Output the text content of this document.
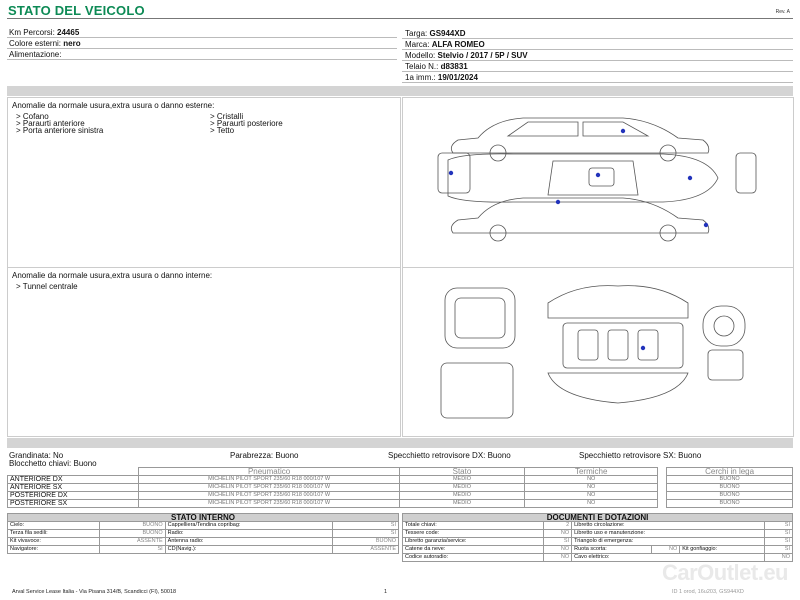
STATO DEL VEICOLO	Rev. A
Km Percorsi: 24465
Colore esterni: nero
Alimentazione:
Targa: GS944XD
Marca: ALFA ROMEO
Modello: Stelvio / 2017 / 5P / SUV
Telaio N.: d83831
1a imm.: 19/01/2024
Anomalie da normale usura,extra usura o danno esterne:
> Cofano
> Paraurti anteriore
> Porta anteriore sinistra
> Cristalli
> Paraurti posteriore
> Tetto
Anomalie da normale usura,extra usura o danno interne:
> Tunnel centrale
Grandinata: No	Parabrezza: Buono	Specchietto retrovisore DX: Buono	Specchietto retrovisore SX: Buono
Blocchetto chiavi: Buono
	Pneumatico	Stato	Termiche		Cerchi in lega
ANTERIORE DX	MICHELIN PILOT SPORT 235/60 R18 000/107 W	MEDIO	NO		BUONO
ANTERIORE SX	MICHELIN PILOT SPORT 235/60 R18 000/107 W	MEDIO	NO		BUONO
POSTERIORE DX	MICHELIN PILOT SPORT 235/60 R18 000/107 W	MEDIO	NO		BUONO
POSTERIORE SX	MICHELIN PILOT SPORT 235/60 R18 000/107 W	MEDIO	NO		BUONO
STATO INTERNO			
Cielo:	BUONO	Cappelliera/Tendina copribag:	SI
Terza fila sedili:	BUONO	Radio:	SI
Kit vivavoce:	ASSENTE	Antenna radio:	BUONO
Navigatore:	SI	CD(Navig.):	ASSENTE
DOCUMENTI E DOTAZIONI					
Totale chiavi:	2	Libretto circolazione:			SI
Tessere code:	NO	Libretto uso e manutenzione:			SI
Libretto garanzia/service:	SI	Triangolo di emergenza:			SI
Catene da neve:	NO	Ruota scorta:	NO	Kit gonfiaggio:	SI
Codice autoradio:	NO	Cavo elettrico:			NO
Arval Service Lease Italia - Via Pisana 314/B, Scandicci (FI), 50018	1	ID 1 orod, 16u203, GS944XD
CarOutlet.eu
